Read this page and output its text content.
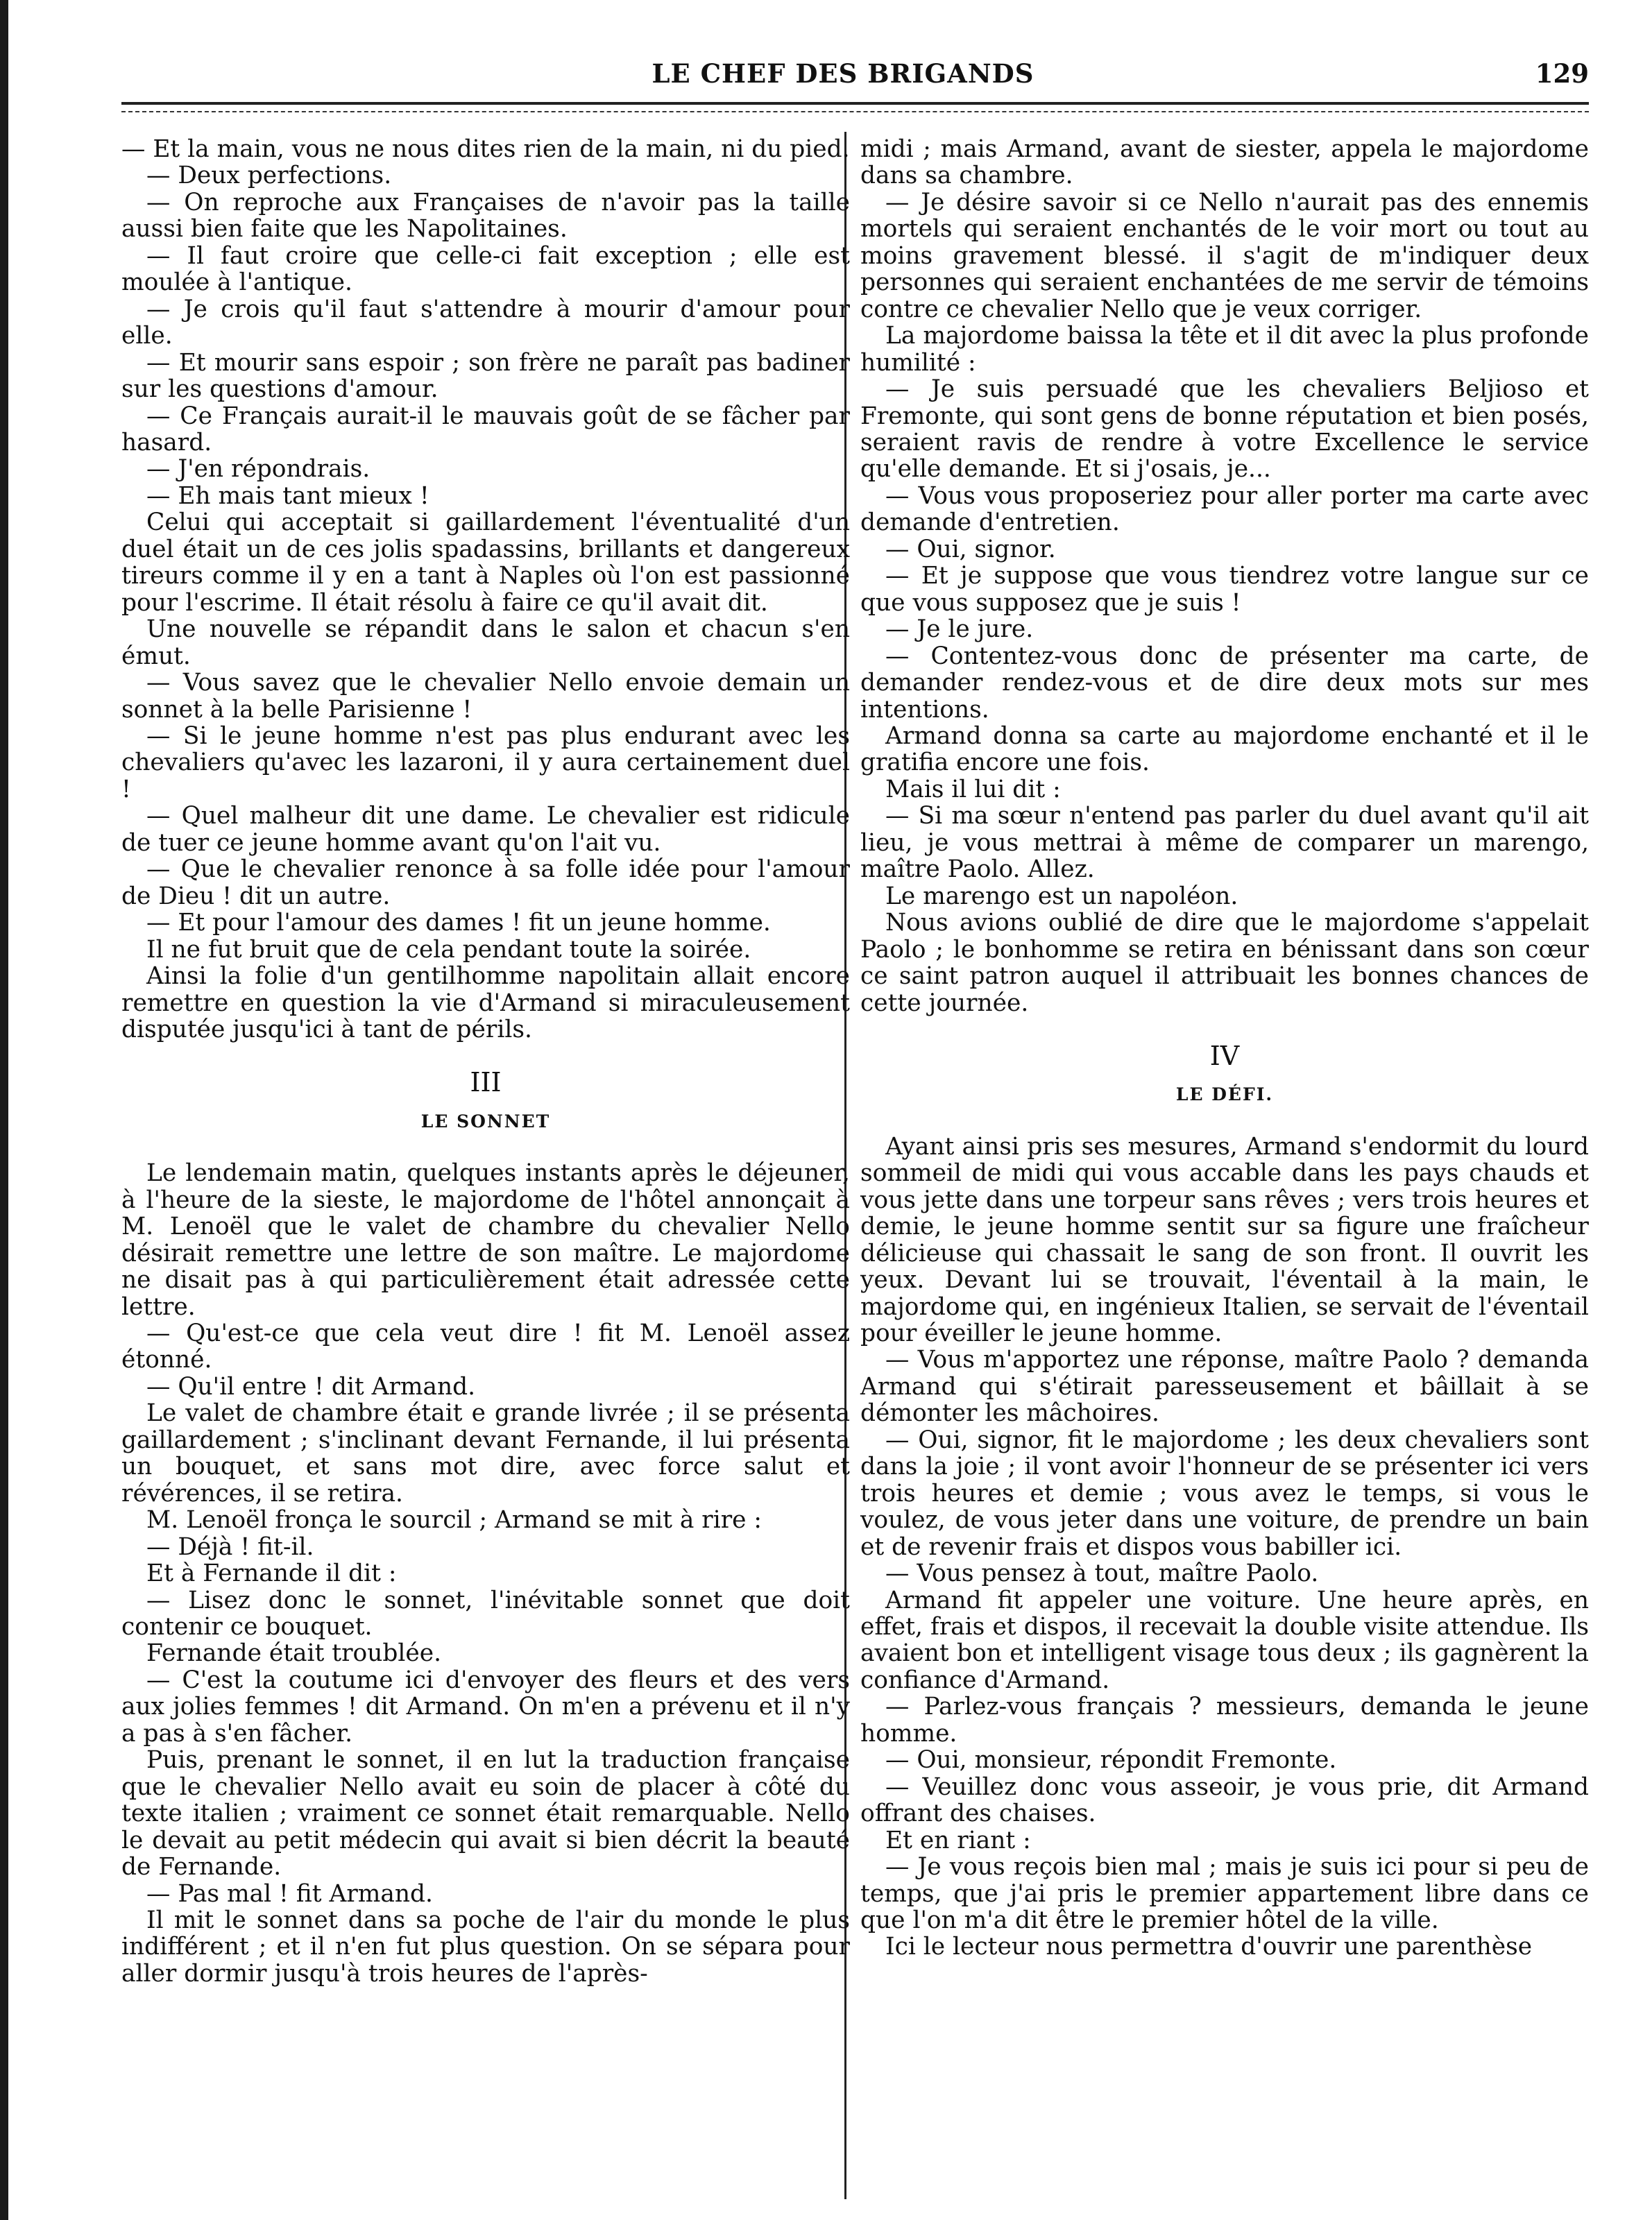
LE CHEF DES BRIGANDS	129

— Et la main, vous ne nous dites rien de la main, ni du pied.

— Deux perfections.

— On reproche aux Françaises de n'avoir pas la taille aussi bien faite que les Napolitaines.

— Il faut croire que celle-ci fait exception ; elle est moulée à l'antique.

— Je crois qu'il faut s'attendre à mourir d'amour pour elle.

— Et mourir sans espoir ; son frère ne paraît pas badiner sur les questions d'amour.

— Ce Français aurait-il le mauvais goût de se fâcher par hasard.

— J'en répondrais.

— Eh mais tant mieux !

Celui qui acceptait si gaillardement l'éventualité d'un duel était un de ces jolis spadassins, brillants et dangereux tireurs comme il y en a tant à Naples où l'on est passionné pour l'escrime. Il était résolu à faire ce qu'il avait dit.

Une nouvelle se répandit dans le salon et chacun s'en émut.

— Vous savez que le chevalier Nello envoie demain un sonnet à la belle Parisienne !

— Si le jeune homme n'est pas plus endurant avec les chevaliers qu'avec les lazaroni, il y aura certainement duel !

— Quel malheur dit une dame. Le chevalier est ridicule de tuer ce jeune homme avant qu'on l'ait vu.

— Que le chevalier renonce à sa folle idée pour l'amour de Dieu ! dit un autre.

— Et pour l'amour des dames ! fit un jeune homme.

Il ne fut bruit que de cela pendant toute la soirée.

Ainsi la folie d'un gentilhomme napolitain allait encore remettre en question la vie d'Armand si miraculeusement disputée jusqu'ici à tant de périls.

III

LE SONNET

Le lendemain matin, quelques instants après le déjeuner, à l'heure de la sieste, le majordome de l'hôtel annonçait à M. Lenoël que le valet de chambre du chevalier Nello désirait remettre une lettre de son maître. Le majordome ne disait pas à qui particulièrement était adressée cette lettre.

— Qu'est-ce que cela veut dire ! fit M. Lenoël assez étonné.

— Qu'il entre ! dit Armand.

Le valet de chambre était e grande livrée ; il se présenta gaillardement ; s'inclinant devant Fernande, il lui présenta un bouquet, et sans mot dire, avec force salut et révérences, il se retira.

M. Lenoël fronça le sourcil ; Armand se mit à rire :

— Déjà ! fit-il.

Et à Fernande il dit :

— Lisez donc le sonnet, l'inévitable sonnet que doit contenir ce bouquet.

Fernande était troublée.

— C'est la coutume ici d'envoyer des fleurs et des vers aux jolies femmes ! dit Armand. On m'en a prévenu et il n'y a pas à s'en fâcher.

Puis, prenant le sonnet, il en lut la traduction française que le chevalier Nello avait eu soin de placer à côté du texte italien ; vraiment ce sonnet était remarquable. Nello le devait au petit médecin qui avait si bien décrit la beauté de Fernande.

— Pas mal ! fit Armand.

Il mit le sonnet dans sa poche de l'air du monde le plus indifférent ; et il n'en fut plus question. On se sépara pour aller dormir jusqu'à trois heures de l'après-

midi ; mais Armand, avant de siester, appela le majordome dans sa chambre.

— Je désire savoir si ce Nello n'aurait pas des ennemis mortels qui seraient enchantés de le voir mort ou tout au moins gravement blessé. il s'agit de m'indiquer deux personnes qui seraient enchantées de me servir de témoins contre ce chevalier Nello que je veux corriger.

La majordome baissa la tête et il dit avec la plus profonde humilité :

— Je suis persuadé que les chevaliers Beljioso et Fremonte, qui sont gens de bonne réputation et bien posés, seraient ravis de rendre à votre Excellence le service qu'elle demande. Et si j'osais, je...

— Vous vous proposeriez pour aller porter ma carte avec demande d'entretien.

— Oui, signor.

— Et je suppose que vous tiendrez votre langue sur ce que vous supposez que je suis !

— Je le jure.

— Contentez-vous donc de présenter ma carte, de demander rendez-vous et de dire deux mots sur mes intentions.

Armand donna sa carte au majordome enchanté et il le gratifia encore une fois.

Mais il lui dit :

— Si ma sœur n'entend pas parler du duel avant qu'il ait lieu, je vous mettrai à même de comparer un marengo, maître Paolo. Allez.

Le marengo est un napoléon.

Nous avions oublié de dire que le majordome s'appelait Paolo ; le bonhomme se retira en bénissant dans son cœur ce saint patron auquel il attribuait les bonnes chances de cette journée.

IV

LE DÉFI.

Ayant ainsi pris ses mesures, Armand s'endormit du lourd sommeil de midi qui vous accable dans les pays chauds et vous jette dans une torpeur sans rêves ; vers trois heures et demie, le jeune homme sentit sur sa figure une fraîcheur délicieuse qui chassait le sang de son front. Il ouvrit les yeux. Devant lui se trouvait, l'éventail à la main, le majordome qui, en ingénieux Italien, se servait de l'éventail pour éveiller le jeune homme.

— Vous m'apportez une réponse, maître Paolo ? demanda Armand qui s'étirait paresseusement et bâillait à se démonter les mâchoires.

— Oui, signor, fit le majordome ; les deux chevaliers sont dans la joie ; il vont avoir l'honneur de se présenter ici vers trois heures et demie ; vous avez le temps, si vous le voulez, de vous jeter dans une voiture, de prendre un bain et de revenir frais et dispos vous babiller ici.

— Vous pensez à tout, maître Paolo.

Armand fit appeler une voiture. Une heure après, en effet, frais et dispos, il recevait la double visite attendue. Ils avaient bon et intelligent visage tous deux ; ils gagnèrent la confiance d'Armand.

— Parlez-vous français ? messieurs, demanda le jeune homme.

— Oui, monsieur, répondit Fremonte.

— Veuillez donc vous asseoir, je vous prie, dit Armand offrant des chaises.

Et en riant :

— Je vous reçois bien mal ; mais je suis ici pour si peu de temps, que j'ai pris le premier appartement libre dans ce que l'on m'a dit être le premier hôtel de la ville.

Ici le lecteur nous permettra d'ouvrir une parenthèse
